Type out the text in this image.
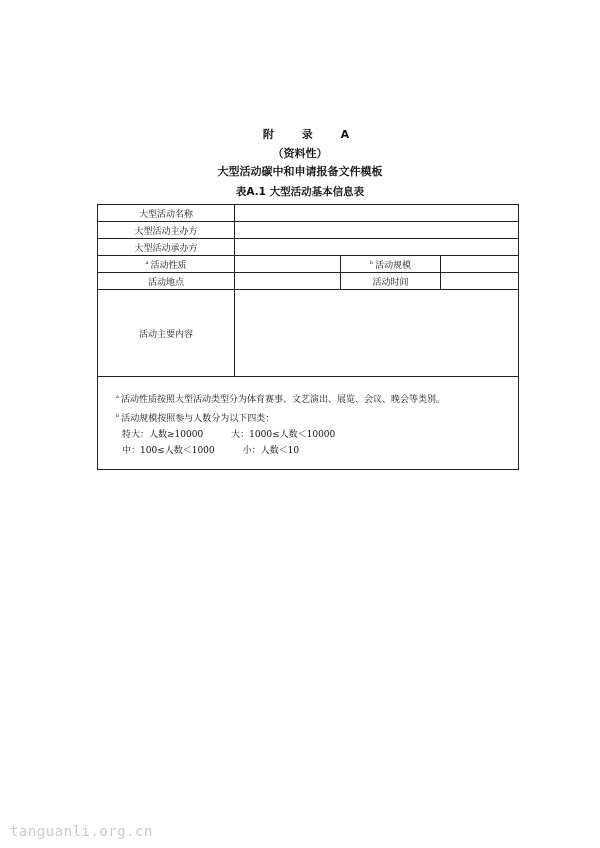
附 录 A
（资料性）
大型活动碳中和申请报备文件模板
表A.1 大型活动基本信息表
大型活动名称			
大型活动主办方			
大型活动承办方			
$^a$ 活动性质		$^b$ 活动规模	
活动地点		活动时间	
活动主要内容			

$^a$ 活动性质按照大型活动类型分为体育赛事、文艺演出、展览、会议、晚会等类别。
$^b$ 活动规模按照参与人数分为以下四类：
特大：人数≥10000 大：1000≤人数＜10000
中：100≤人数＜1000 小：人数＜10			
tanguanli.org.cn
